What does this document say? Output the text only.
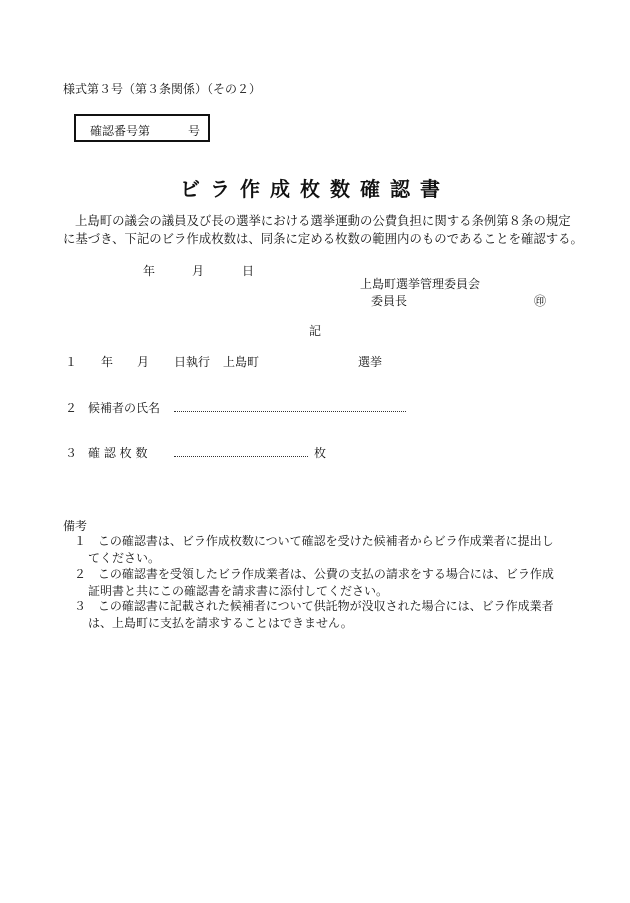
様式第３号（第３条関係）（その２）
確認番号第	号
ビラ作成枚数確認書

上島町の議会の議員及び長の選挙における選挙運動の公費負担に関する条例第８条の規定

に基づき、下記のビラ作成枚数は、同条に定める枚数の範囲内のものであることを確認する。

年	月	日
上島町選挙管理委員会
委員長	㊞
記
１ 年 月 日執行 上島町	選挙
２ 候補者の氏名
３ 確 認 枚 数	枚
備考
１ この確認書は、ビラ作成枚数について確認を受けた候補者からビラ作成業者に提出し
てください。
２ この確認書を受領したビラ作成業者は、公費の支払の請求をする場合には、ビラ作成
証明書と共にこの確認書を請求書に添付してください。
３ この確認書に記載された候補者について供託物が没収された場合には、ビラ作成業者
は、上島町に支払を請求することはできません。
